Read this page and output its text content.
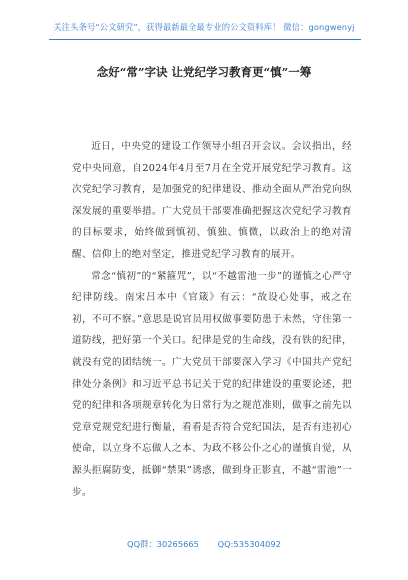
关注头条号“公文研究”，获得最新最全最专业的公文资料库！ 微信：gongwenyj
念好“常”字诀 让党纪学习教育更“慎”一筹

近日，中央党的建设工作领导小组召开会议。会议指出，经党中央同意，自2024年4月至7月在全党开展党纪学习教育。这次党纪学习教育，是加强党的纪律建设、推动全面从严治党向纵深发展的重要举措。广大党员干部要准确把握这次党纪学习教育的目标要求，始终做到慎初、慎独、慎微，以政治上的绝对清醒、信仰上的绝对坚定，推进党纪学习教育的展开。

常念“慎初”的“紧箍咒”，以“不越雷池一步”的谨慎之心严守纪律防线。南宋吕本中《官箴》有云：“故设心处事，戒之在初，不可不察。”意思是说官员用权做事要防患于未然，守住第一道防线，把好第一个关口。纪律是党的生命线，没有铁的纪律，就没有党的团结统一。广大党员干部要深入学习《中国共产党纪律处分条例》和习近平总书记关于党的纪律建设的重要论述，把党的纪律和各项规章转化为日常行为之规范准则，做事之前先以党章党规党纪进行衡量，看看是否符合党纪国法，是否有违初心使命，以立身不忘做人之本、为政不移公仆之心的谨慎自觉，从源头拒腐防变，抵御“禁果”诱惑，做到身正影直，不越“雷池”一步。

QQ群：30265665 QQ:535304092
